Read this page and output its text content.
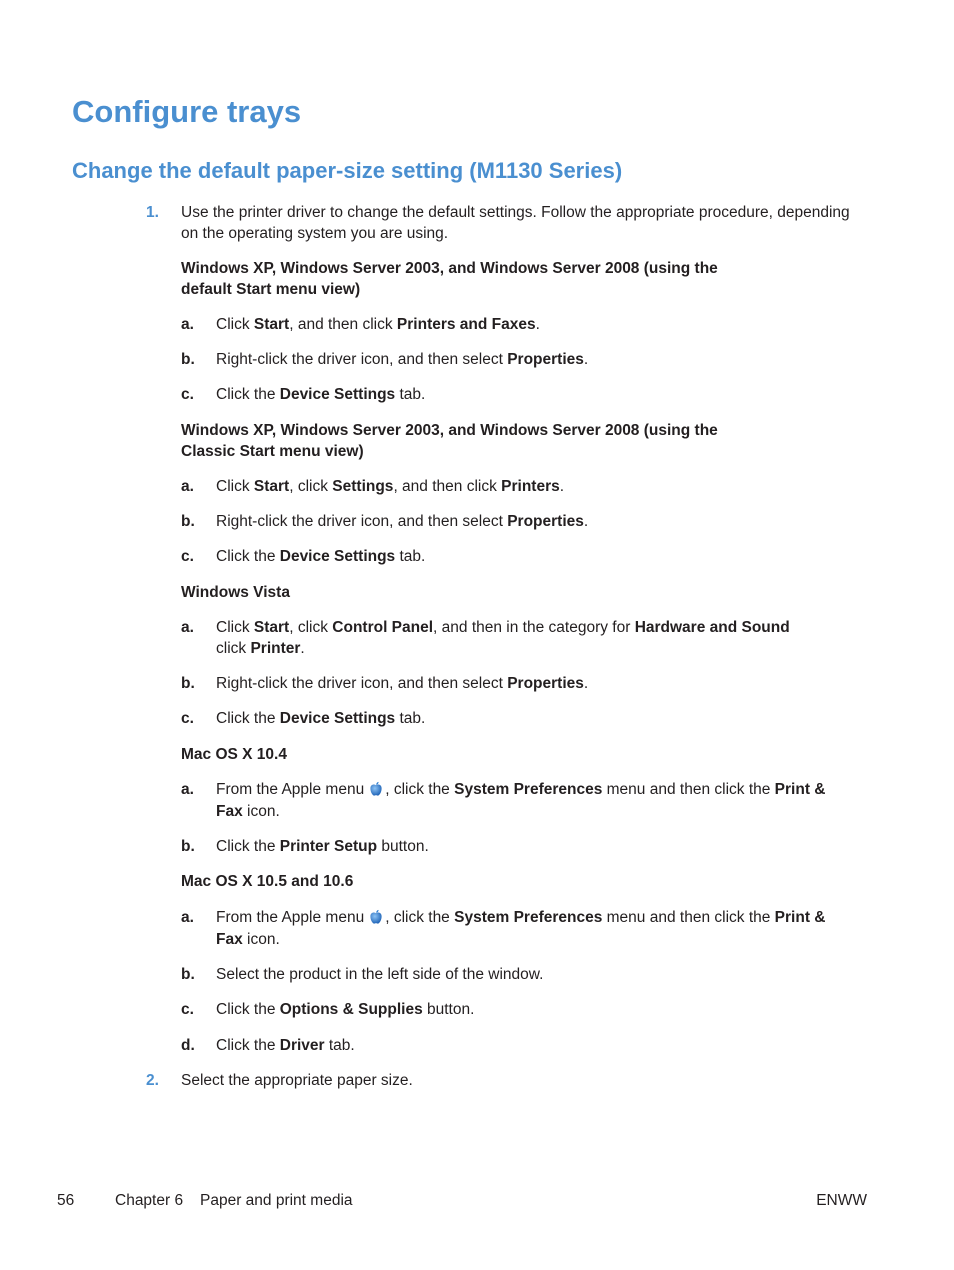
Configure trays
Change the default paper-size setting (M1130 Series)
1. Use the printer driver to change the default settings. Follow the appropriate procedure, depending
on the operating system you are using.
Windows XP, Windows Server 2003, and Windows Server 2008 (using the
default Start menu view)
a. Click Start, and then click Printers and Faxes.
b. Right-click the driver icon, and then select Properties.
c. Click the Device Settings tab.
Windows XP, Windows Server 2003, and Windows Server 2008 (using the
Classic Start menu view)
a. Click Start, click Settings, and then click Printers.
b. Right-click the driver icon, and then select Properties.
c. Click the Device Settings tab.
Windows Vista
a. Click Start, click Control Panel, and then in the category for Hardware and Sound
click Printer.
b. Right-click the driver icon, and then select Properties.
c. Click the Device Settings tab.
Mac OS X 10.4
a. From the Apple menu , click the System Preferences menu and then click the Print &
Fax icon.
b. Click the Printer Setup button.
Mac OS X 10.5 and 10.6
a. From the Apple menu , click the System Preferences menu and then click the Print &
Fax icon.
b. Select the product in the left side of the window.
c. Click the Options & Supplies button.
d. Click the Driver tab.
2. Select the appropriate paper size.
56	Chapter 6 Paper and print media	ENWW
